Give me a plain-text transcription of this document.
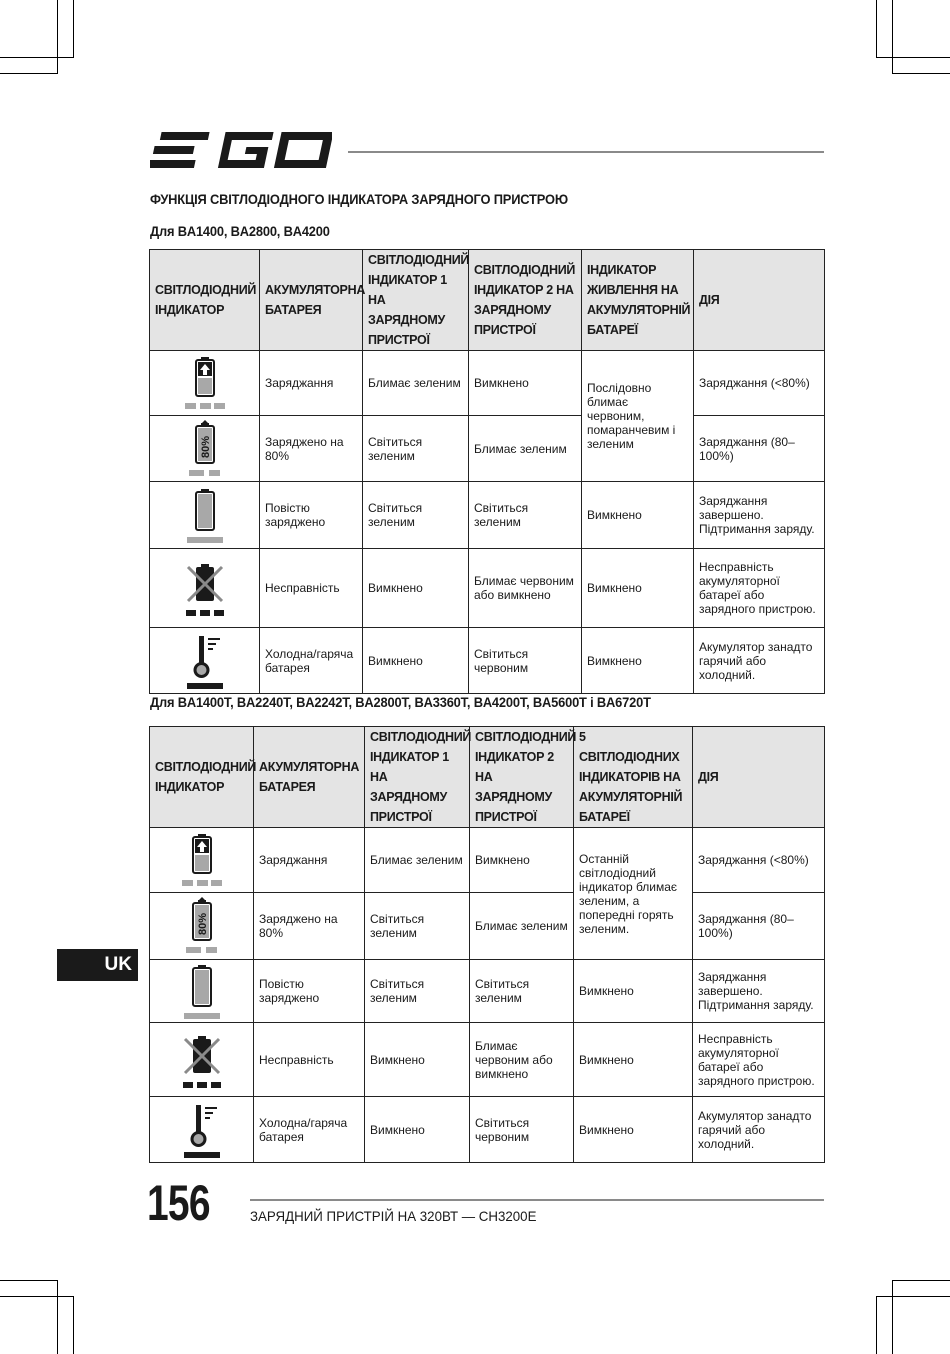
EGO
ФУНКЦІЯ СВІТЛОДІОДНОГО ІНДИКАТОРА ЗАРЯДНОГО ПРИСТРОЮ
Для BA1400, BA2800, BA4200
СВІТЛОДІОДНИЙ ІНДИКАТОР	АКУМУЛЯТОРНА БАТАРЕЯ	СВІТЛОДІОДНИЙ ІНДИКАТОР 1 НА ЗАРЯДНОМУ ПРИСТРОЇ	СВІТЛОДІОДНИЙ ІНДИКАТОР 2 НА ЗАРЯДНОМУ ПРИСТРОЇ	ІНДИКАТОР ЖИВЛЕННЯ НА АКУМУЛЯТОРНІЙ БАТАРЕЇ	ДІЯ

	Заряджання	Блимає зеленим	Вимкнено	Послідовно блимає червоним, помаранчевим і зеленим	Заряджання (<80%)

80%	Заряджено на 80%	Світиться зеленим	Блимає зеленим		Заряджання (80–100%)

	Повістю заряджено	Світиться зеленим	Світиться зеленим	Вимкнено	Заряджання завершено. Підтримання заряду.

	Несправність	Вимкнено	Блимає червоним або вимкнено	Вимкнено	Несправність акумуляторної батареї або зарядного пристрою.

	Холодна/гаряча батарея	Вимкнено	Світиться червоним	Вимкнено	Акумулятор занадто гарячий або холодний.
Для BA1400T, BA2240T, BA2242T, BA2800T, BA3360T, BA4200T, BA5600T і BA6720T
СВІТЛОДІОДНИЙ ІНДИКАТОР	АКУМУЛЯТОРНА БАТАРЕЯ	СВІТЛОДІОДНИЙ ІНДИКАТОР 1 НА ЗАРЯДНОМУ ПРИСТРОЇ	СВІТЛОДІОДНИЙ ІНДИКАТОР 2 НА ЗАРЯДНОМУ ПРИСТРОЇ	5 СВІТЛОДІОДНИХ ІНДИКАТОРІВ НА АКУМУЛЯТОРНІЙ БАТАРЕЇ	ДІЯ

	Заряджання	Блимає зеленим	Вимкнено	Останній світлодіодний індикатор блимає зеленим, а попередні горять зеленим.	Заряджання (<80%)

80%	Заряджено на 80%	Світиться зеленим	Блимає зеленим		Заряджання (80–100%)

	Повістю заряджено	Світиться зеленим	Світиться зеленим	Вимкнено	Заряджання завершено. Підтримання заряду.

	Несправність	Вимкнено	Блимає червоним або вимкнено	Вимкнено	Несправність акумуляторної батареї або зарядного пристрою.

	Холодна/гаряча батарея	Вимкнено	Світиться червоним	Вимкнено	Акумулятор занадто гарячий або холодний.
UK
156	ЗАРЯДНИЙ ПРИСТРІЙ НА 320ВТ — CH3200E
